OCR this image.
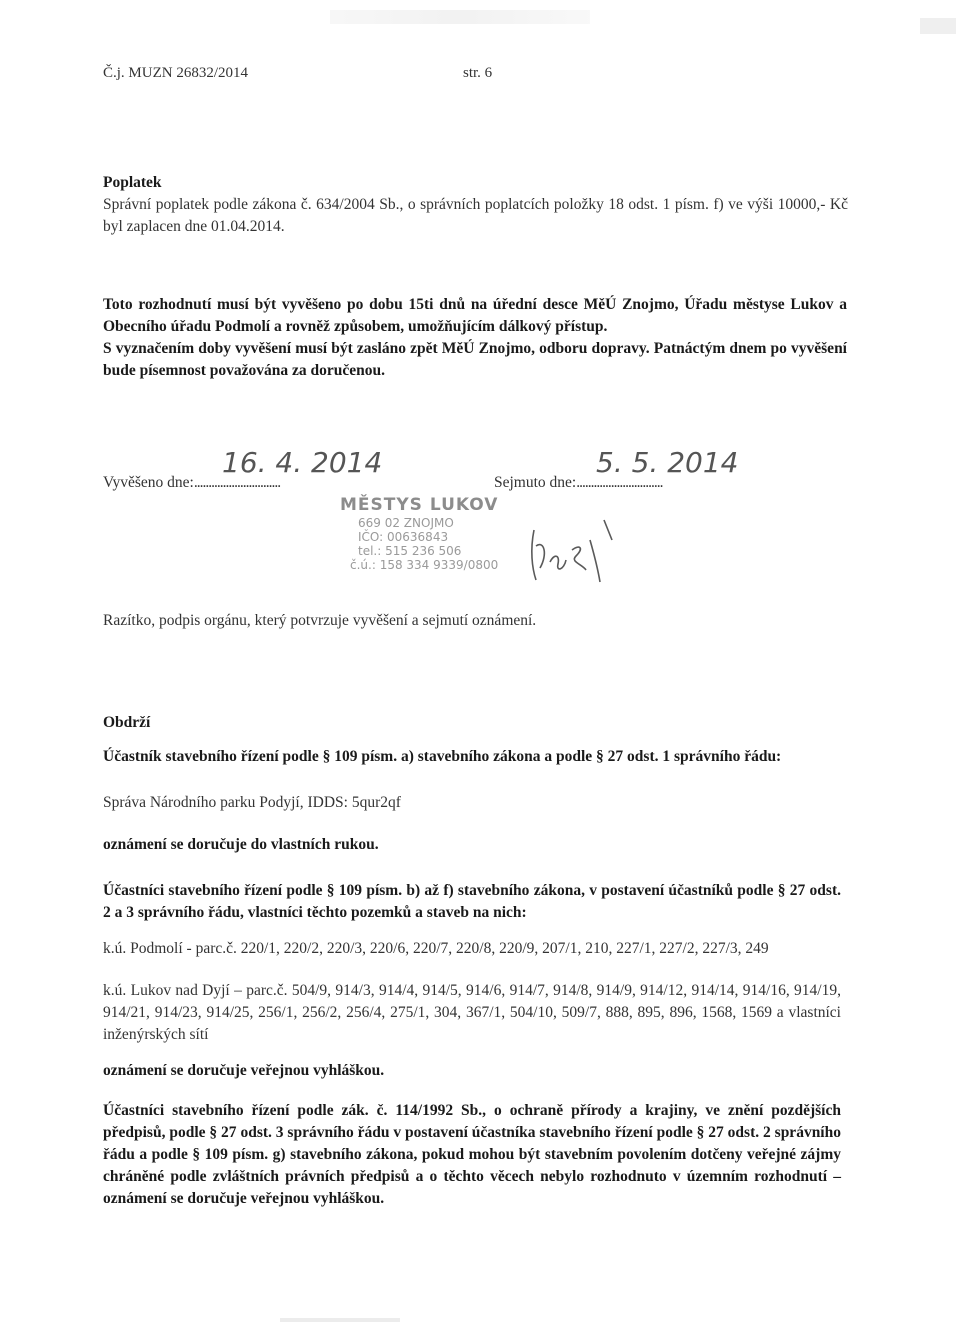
Č.j. MUZN 26832/2014	str. 6
Poplatek
Správní poplatek podle zákona č. 634/2004 Sb., o správních poplatcích položky 18 odst. 1 písm. f) ve výši 10000,- Kč byl zaplacen dne 01.04.2014.
Toto rozhodnutí musí být vyvěšeno po dobu 15ti dnů na úřední desce MěÚ Znojmo, Úřadu městyse Lukov a Obecního úřadu Podmolí a rovněž způsobem, umožňujícím dálkový přístup.
S vyznačením doby vyvěšení musí být zasláno zpět MěÚ Znojmo, odboru dopravy. Patnáctým dnem po vyvěšení bude písemnost považována za doručenou.
Vyvěšeno dne:..............................
16. 4. 2014
Sejmuto dne:..............................
5. 5. 2014
MĚSTYS LUKOV
669 02 ZNOJMO
IČO: 00636843
tel.: 515 236 506
č.ú.: 158 334 9339/0800
Razítko, podpis orgánu, který potvrzuje vyvěšení a sejmutí oznámení.
Obdrží
Účastník stavebního řízení podle § 109 písm. a) stavebního zákona a podle § 27 odst. 1 správního řádu:
Správa Národního parku Podyjí, IDDS: 5qur2qf
oznámení se doručuje do vlastních rukou.
Účastníci stavebního řízení podle § 109 písm. b) až f) stavebního zákona, v postavení účastníků podle § 27 odst. 2 a 3 správního řádu, vlastníci těchto pozemků a staveb na nich:
k.ú. Podmolí - parc.č. 220/1, 220/2, 220/3, 220/6, 220/7, 220/8, 220/9, 207/1, 210, 227/1, 227/2, 227/3, 249
k.ú. Lukov nad Dyjí – parc.č. 504/9, 914/3, 914/4, 914/5, 914/6, 914/7, 914/8, 914/9, 914/12, 914/14, 914/16, 914/19, 914/21, 914/23, 914/25, 256/1, 256/2, 256/4, 275/1, 304, 367/1, 504/10, 509/7, 888, 895, 896, 1568, 1569 a vlastníci inženýrských sítí
oznámení se doručuje veřejnou vyhláškou.
Účastníci stavebního řízení podle zák. č. 114/1992 Sb., o ochraně přírody a krajiny, ve znění pozdějších předpisů, podle § 27 odst. 3 správního řádu v postavení účastníka stavebního řízení podle § 27 odst. 2 správního řádu a podle § 109 písm. g) stavebního zákona, pokud mohou být stavebním povolením dotčeny veřejné zájmy chráněné podle zvláštních právních předpisů a o těchto věcech nebylo rozhodnuto v územním rozhodnutí – oznámení se doručuje veřejnou vyhláškou.
